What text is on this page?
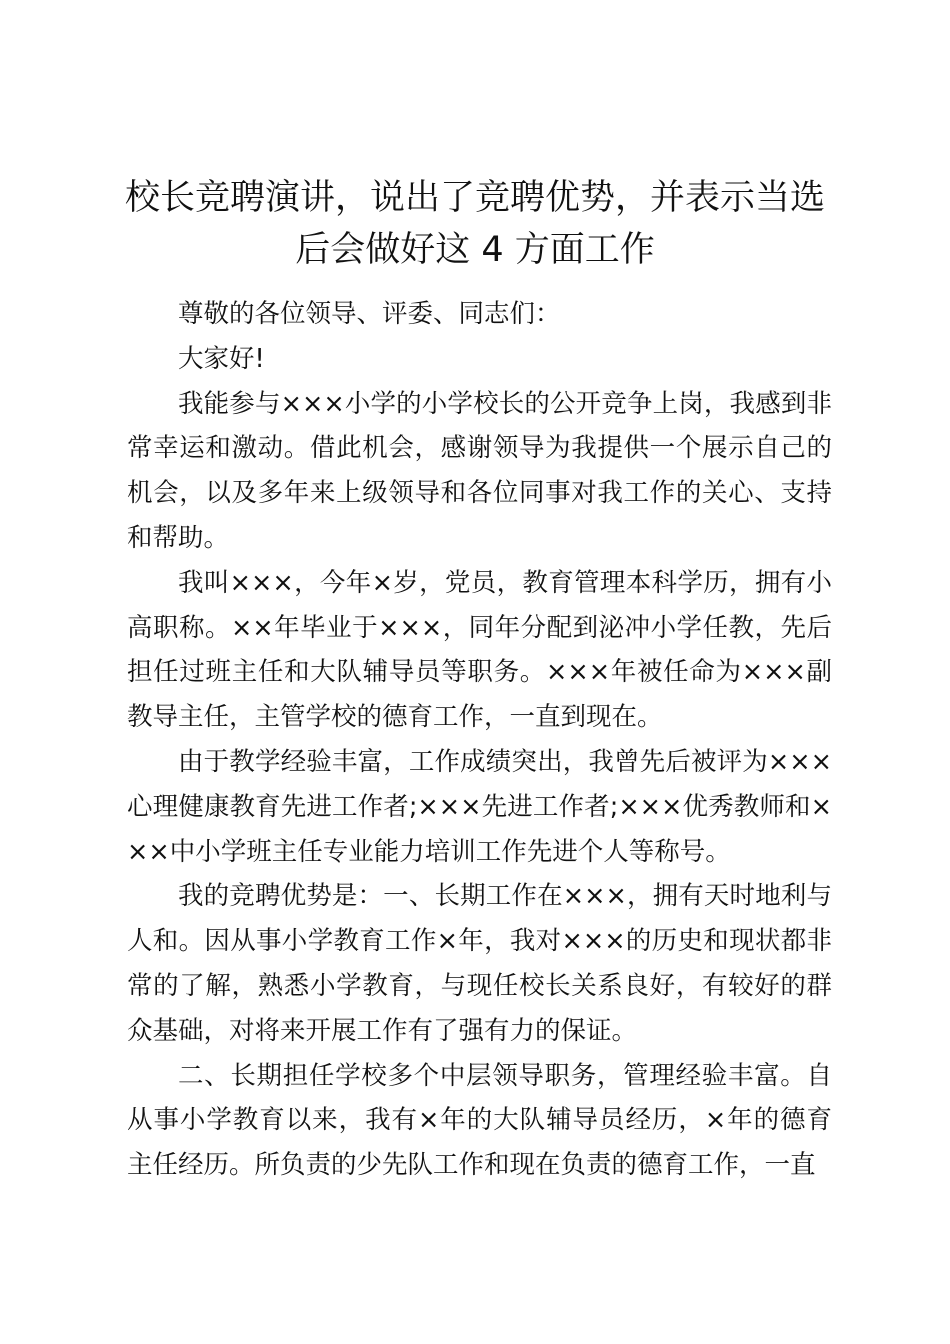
校长竞聘演讲，说出了竞聘优势，并表示当选后会做好这 4 方面工作

尊敬的各位领导、评委、同志们：

大家好!

我能参与×××小学的小学校长的公开竞争上岗，我感到非常幸运和激动。借此机会，感谢领导为我提供一个展示自己的机会，以及多年来上级领导和各位同事对我工作的关心、支持和帮助。

我叫×××，今年×岁，党员，教育管理本科学历，拥有小高职称。××年毕业于×××，同年分配到泌冲小学任教，先后担任过班主任和大队辅导员等职务。×××年被任命为×××副教导主任，主管学校的德育工作，一直到现在。

由于教学经验丰富，工作成绩突出，我曾先后被评为×××心理健康教育先进工作者;×××先进工作者;×××优秀教师和×××中小学班主任专业能力培训工作先进个人等称号。

我的竞聘优势是：一、长期工作在×××，拥有天时地利与人和。因从事小学教育工作×年，我对×××的历史和现状都非常的了解，熟悉小学教育，与现任校长关系良好，有较好的群众基础，对将来开展工作有了强有力的保证。

二、长期担任学校多个中层领导职务，管理经验丰富。自从事小学教育以来，我有×年的大队辅导员经历，×年的德育主任经历。所负责的少先队工作和现在负责的德育工作，一直
